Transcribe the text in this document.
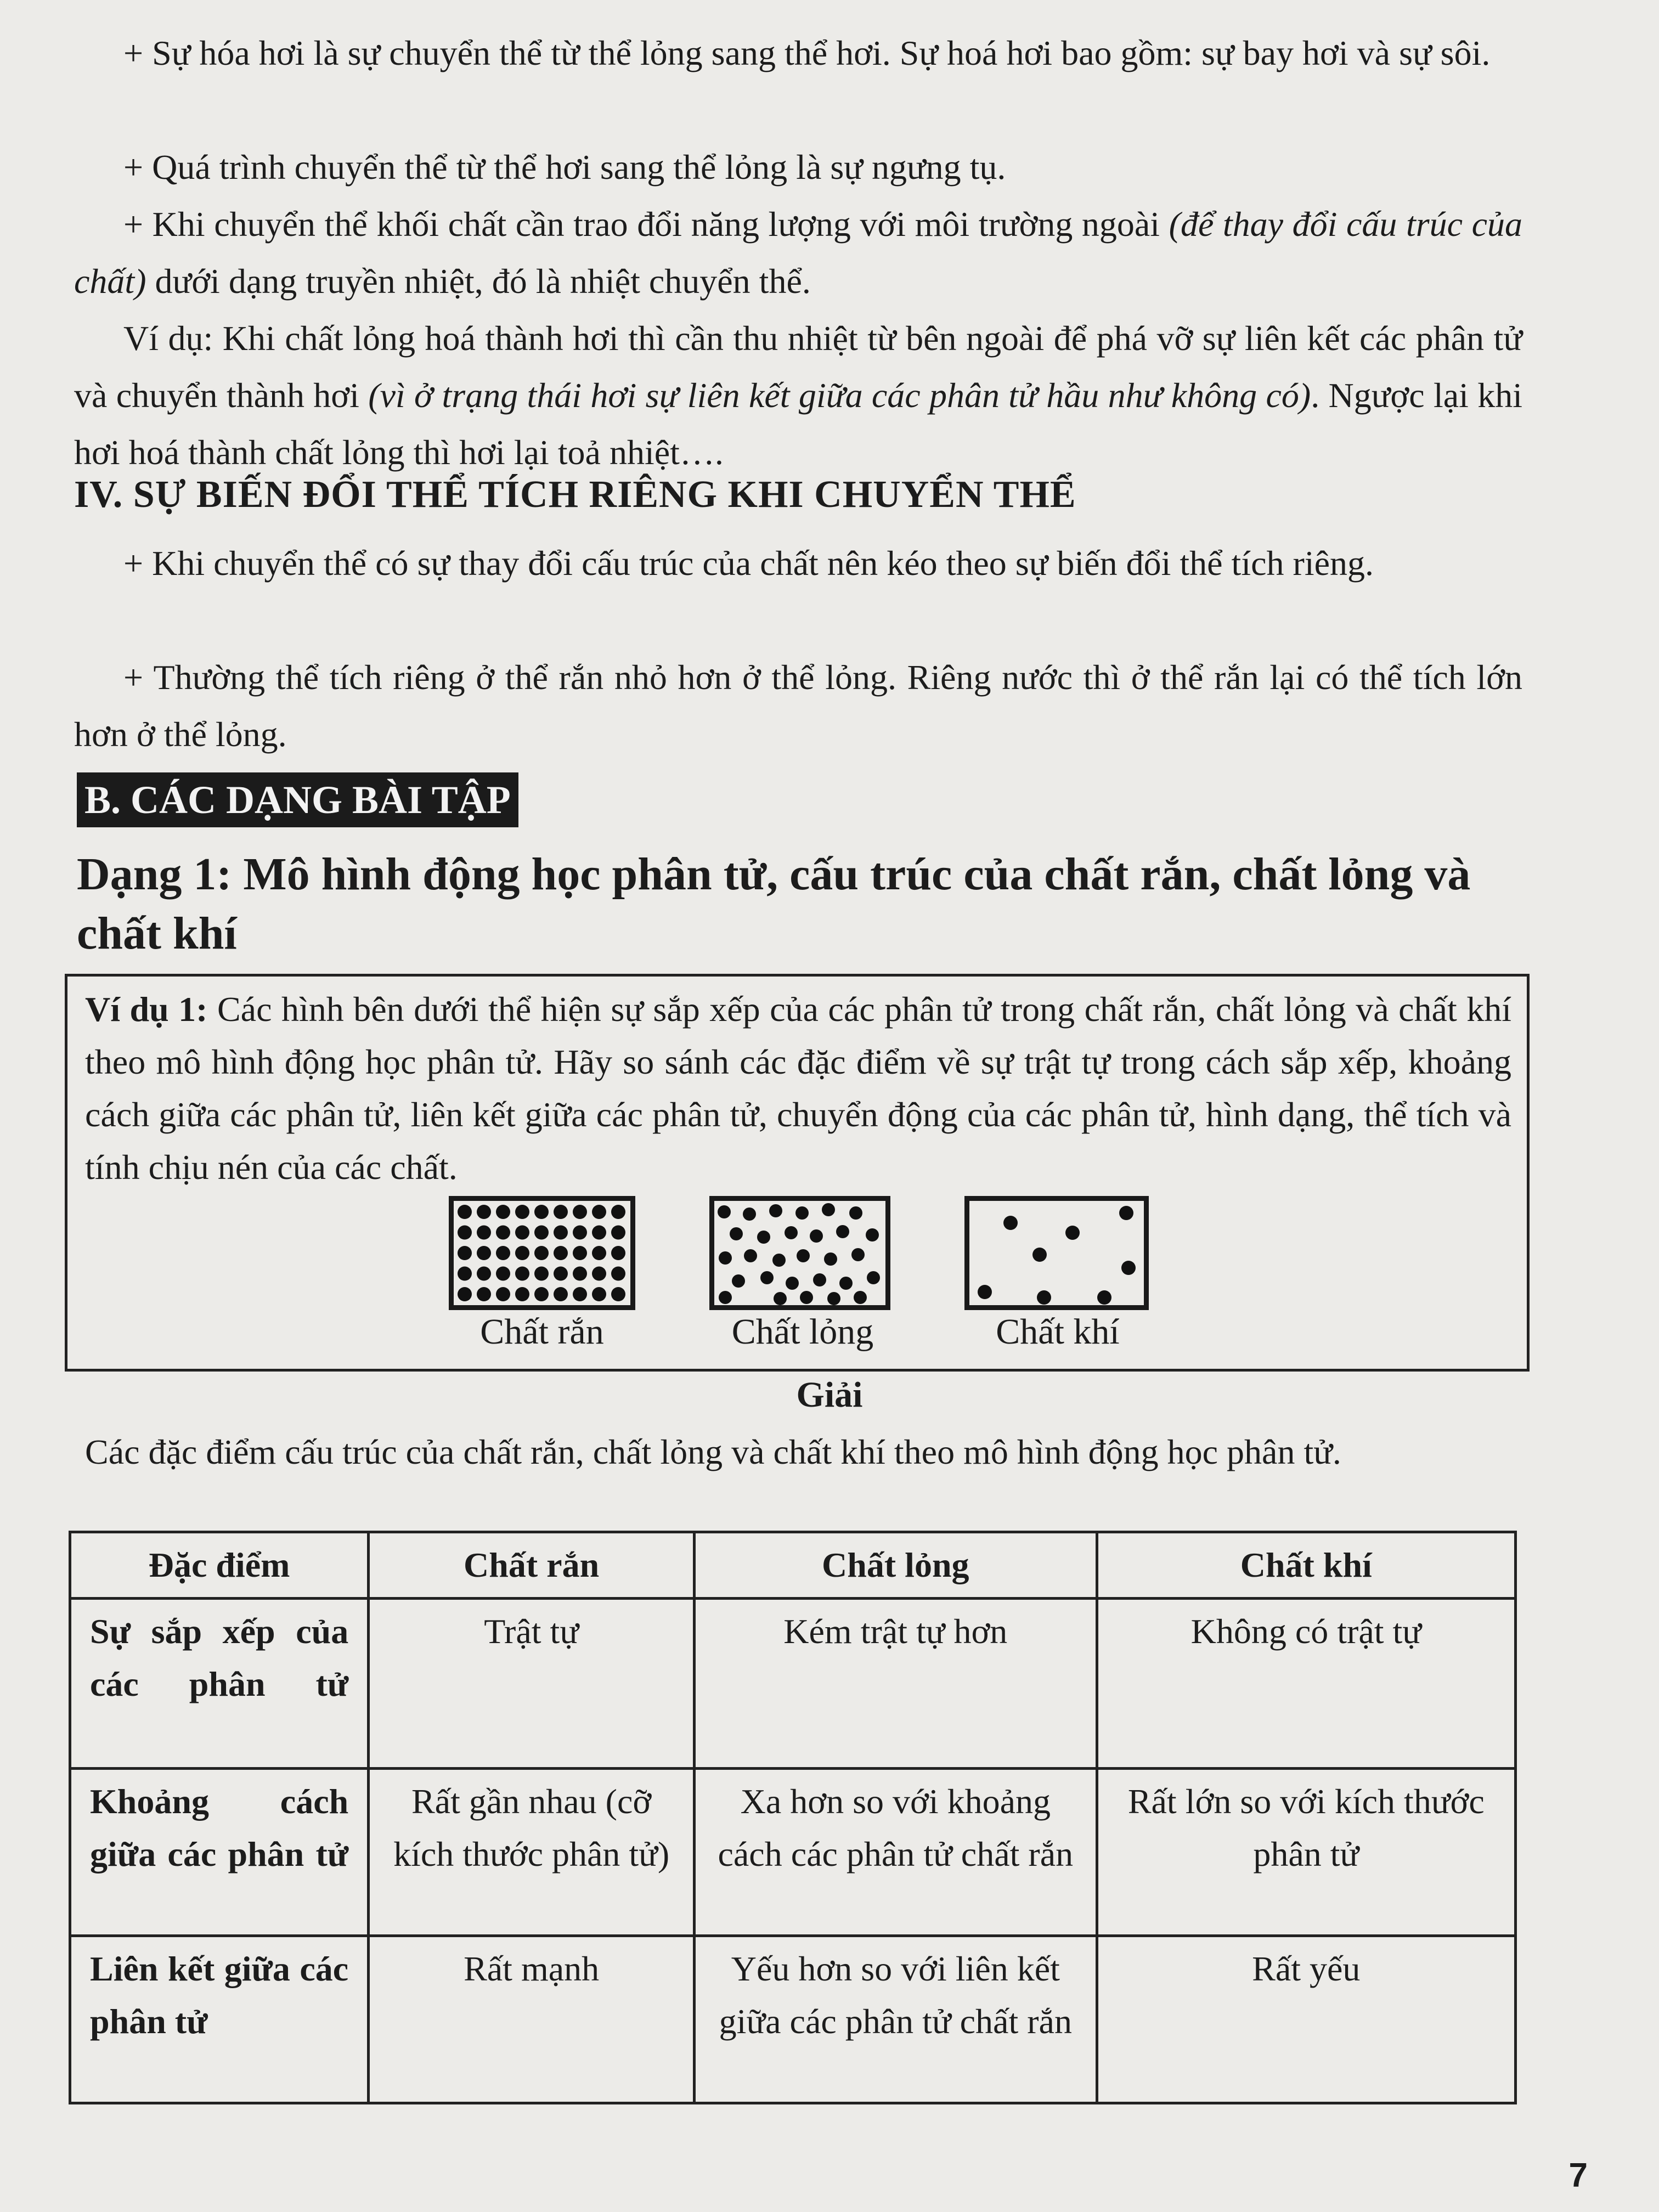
+ Sự hóa hơi là sự chuyển thể từ thể lỏng sang thể hơi. Sự hoá hơi bao gồm: sự bay hơi và sự sôi.

+ Quá trình chuyển thể từ thể hơi sang thể lỏng là sự ngưng tụ.

+ Khi chuyển thể khối chất cần trao đổi năng lượng với môi trường ngoài (để thay đổi cấu trúc của chất) dưới dạng truyền nhiệt, đó là nhiệt chuyển thể.

Ví dụ: Khi chất lỏng hoá thành hơi thì cần thu nhiệt từ bên ngoài để phá vỡ sự liên kết các phân tử và chuyển thành hơi (vì ở trạng thái hơi sự liên kết giữa các phân tử hầu như không có). Ngược lại khi hơi hoá thành chất lỏng thì hơi lại toả nhiệt….

IV. SỰ BIẾN ĐỔI THỂ TÍCH RIÊNG KHI CHUYỂN THỂ

+ Khi chuyển thể có sự thay đổi cấu trúc của chất nên kéo theo sự biến đổi thể tích riêng.

+ Thường thể tích riêng ở thể rắn nhỏ hơn ở thể lỏng. Riêng nước thì ở thể rắn lại có thể tích lớn hơn ở thể lỏng.

B. CÁC DẠNG BÀI TẬP
Dạng 1: Mô hình động học phân tử, cấu trúc của chất rắn, chất lỏng và chất khí
Ví dụ 1: Các hình bên dưới thể hiện sự sắp xếp của các phân tử trong chất rắn, chất lỏng và chất khí theo mô hình động học phân tử. Hãy so sánh các đặc điểm về sự trật tự trong cách sắp xếp, khoảng cách giữa các phân tử, liên kết giữa các phân tử, chuyển động của các phân tử, hình dạng, thể tích và tính chịu nén của các chất.
Chất rắn	Chất lỏng	Chất khí
Giải

Các đặc điểm cấu trúc của chất rắn, chất lỏng và chất khí theo mô hình động học phân tử.

Đặc điểm	Chất rắn	Chất lỏng	Chất khí
Sự sắp xếp của các phân tử	Trật tự	Kém trật tự hơn	Không có trật tự
Khoảng cách giữa các phân tử	Rất gần nhau (cỡ kích thước phân tử)	Xa hơn so với khoảng cách các phân tử chất rắn	Rất lớn so với kích thước phân tử
Liên kết giữa các phân tử	Rất mạnh	Yếu hơn so với liên kết giữa các phân tử chất rắn	Rất yếu
7
